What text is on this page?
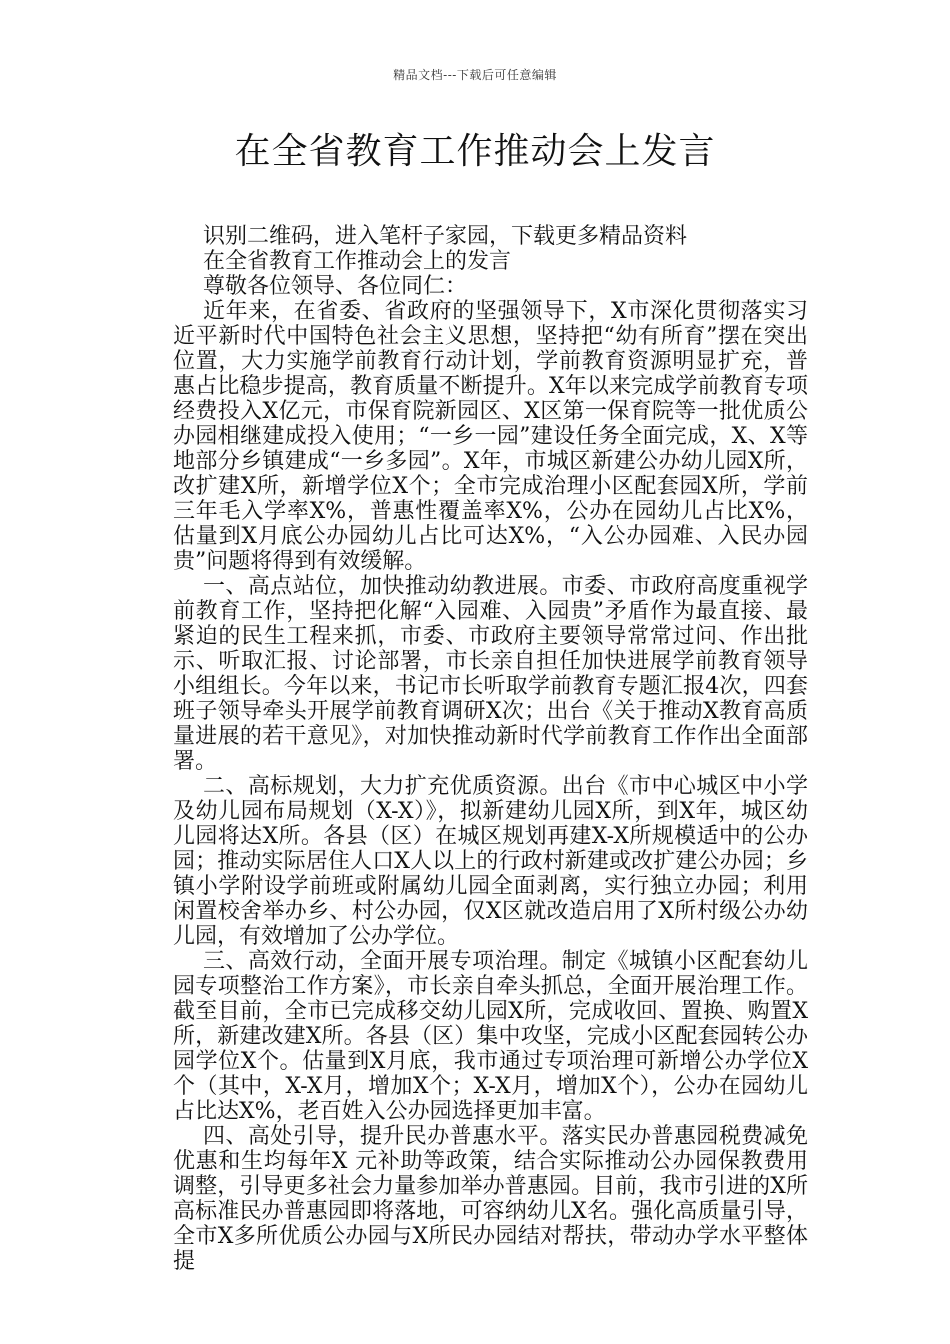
精品文档---下载后可任意编辑
在全省教育工作推动会上发言

识别二维码，进入笔杆子家园，下载更多精品资料

在全省教育工作推动会上的发言

尊敬各位领导、各位同仁：

近年来，在省委、省政府的坚强领导下，X市深化贯彻落实习近平新时代中国特色社会主义思想，坚持把“幼有所育”摆在突出位置，大力实施学前教育行动计划，学前教育资源明显扩充，普惠占比稳步提高，教育质量不断提升。X年以来完成学前教育专项经费投入X亿元，市保育院新园区、X区第一保育院等一批优质公办园相继建成投入使用；“一乡一园”建设任务全面完成，X、X等地部分乡镇建成“一乡多园”。X年，市城区新建公办幼儿园X所，改扩建X所，新增学位X个；全市完成治理小区配套园X所，学前三年毛入学率X%，普惠性覆盖率X%，公办在园幼儿占比X%，估量到X月底公办园幼儿占比可达X%，“入公办园难、入民办园贵”问题将得到有效缓解。

一、高点站位，加快推动幼教进展。市委、市政府高度重视学前教育工作，坚持把化解“入园难、入园贵”矛盾作为最直接、最紧迫的民生工程来抓，市委、市政府主要领导常常过问、作出批示、听取汇报、讨论部署，市长亲自担任加快进展学前教育领导小组组长。今年以来，书记市长听取学前教育专题汇报4次，四套班子领导牵头开展学前教育调研X次；出台《关于推动X教育高质量进展的若干意见》，对加快推动新时代学前教育工作作出全面部署。

二、高标规划，大力扩充优质资源。出台《市中心城区中小学及幼儿园布局规划（X-X）》，拟新建幼儿园X所，到X年，城区幼儿园将达X所。各县（区）在城区规划再建X-X所规模适中的公办园；推动实际居住人口X人以上的行政村新建或改扩建公办园；乡镇小学附设学前班或附属幼儿园全面剥离，实行独立办园；利用闲置校舍举办乡、村公办园，仅X区就改造启用了X所村级公办幼儿园，有效增加了公办学位。

三、高效行动，全面开展专项治理。制定《城镇小区配套幼儿园专项整治工作方案》，市长亲自牵头抓总，全面开展治理工作。截至目前，全市已完成移交幼儿园X所，完成收回、置换、购置X所，新建改建X所。各县（区）集中攻坚，完成小区配套园转公办园学位X个。估量到X月底，我市通过专项治理可新增公办学位X个（其中，X-X月，增加X个；X-X月，增加X个），公办在园幼儿占比达X%，老百姓入公办园选择更加丰富。

四、高处引导，提升民办普惠水平。落实民办普惠园税费减免优惠和生均每年X 元补助等政策，结合实际推动公办园保教费用调整，引导更多社会力量参加举办普惠园。目前，我市引进的X所高标准民办普惠园即将落地，可容纳幼儿X名。强化高质量引导，全市X多所优质公办园与X所民办园结对帮扶，带动办学水平整体提
